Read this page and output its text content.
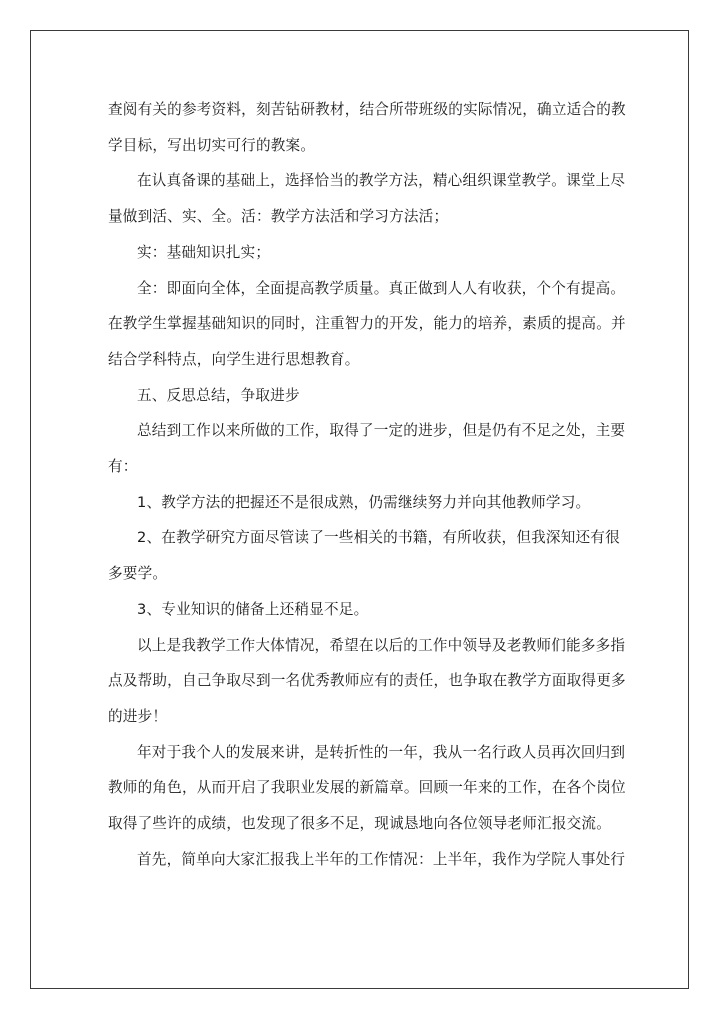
查阅有关的参考资料，刻苦钻研教材，结合所带班级的实际情况，确立适合的教
学目标，写出切实可行的教案。

在认真备课的基础上，选择恰当的教学方法，精心组织课堂教学。课堂上尽
量做到活、实、全。活：教学方法活和学习方法活；

实：基础知识扎实；

全：即面向全体，全面提高教学质量。真正做到人人有收获，个个有提高。
在教学生掌握基础知识的同时，注重智力的开发，能力的培养，素质的提高。并
结合学科特点，向学生进行思想教育。

五、反思总结，争取进步

总结到工作以来所做的工作，取得了一定的进步，但是仍有不足之处，主要
有：

1、教学方法的把握还不是很成熟，仍需继续努力并向其他教师学习。

2、在教学研究方面尽管读了一些相关的书籍，有所收获，但我深知还有很
多要学。

3、专业知识的储备上还稍显不足。

以上是我教学工作大体情况，希望在以后的工作中领导及老教师们能多多指
点及帮助，自己争取尽到一名优秀教师应有的责任，也争取在教学方面取得更多
的进步！

年对于我个人的发展来讲，是转折性的一年，我从一名行政人员再次回归到
教师的角色，从而开启了我职业发展的新篇章。回顾一年来的工作，在各个岗位
取得了些许的成绩，也发现了很多不足，现诚恳地向各位领导老师汇报交流。

首先，简单向大家汇报我上半年的工作情况：上半年，我作为学院人事处行
